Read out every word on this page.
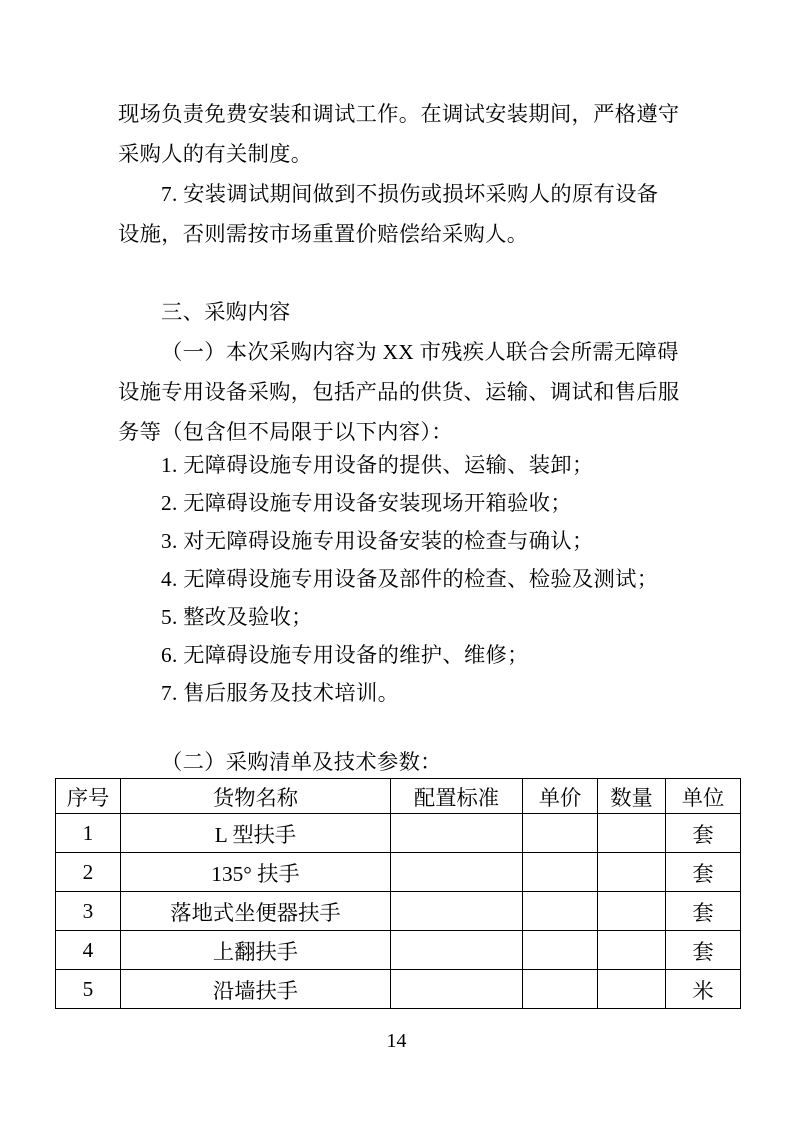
现场负责免费安装和调试工作。在调试安装期间，严格遵守
采购人的有关制度。
7. 安装调试期间做到不损伤或损坏采购人的原有设备
设施，否则需按市场重置价赔偿给采购人。
三、采购内容
（一）本次采购内容为 XX 市残疾人联合会所需无障碍
设施专用设备采购，包括产品的供货、运输、调试和售后服
务等（包含但不局限于以下内容）：
1. 无障碍设施专用设备的提供、运输、装卸；
2. 无障碍设施专用设备安装现场开箱验收；
3. 对无障碍设施专用设备安装的检查与确认；
4. 无障碍设施专用设备及部件的检查、检验及测试；
5. 整改及验收；
6. 无障碍设施专用设备的维护、维修；
7. 售后服务及技术培训。
（二）采购清单及技术参数：
序号	货物名称	配置标准	单价	数量	单位
1	L 型扶手				套
2	135° 扶手				套
3	落地式坐便器扶手				套
4	上翻扶手				套
5	沿墙扶手				米
14
